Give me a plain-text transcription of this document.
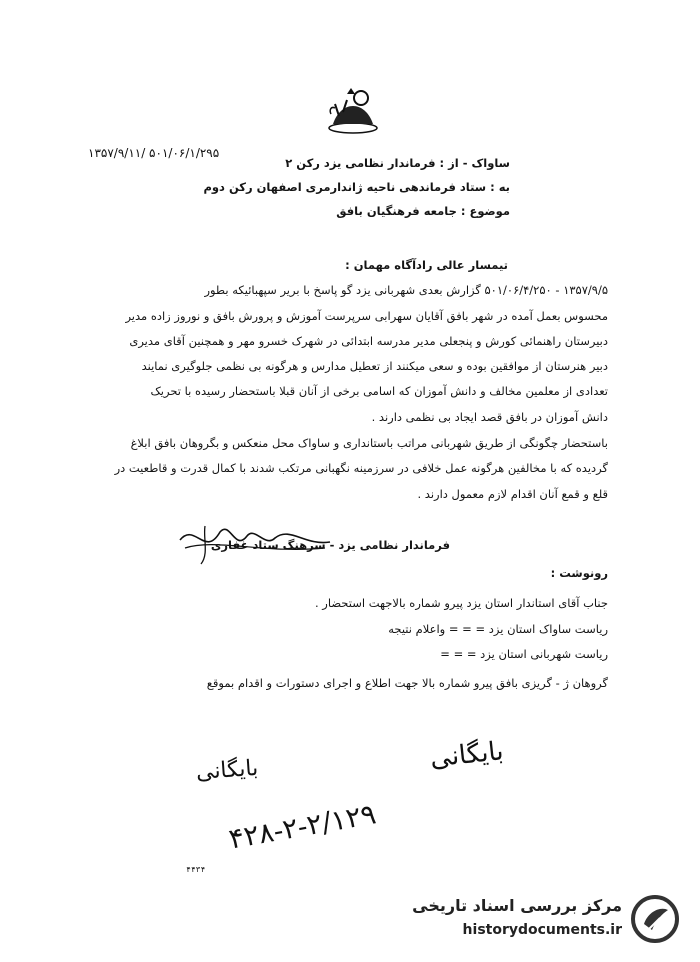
۱۳۵۷/۹/۱۱/ ۵۰۱/۰۶/۱/۲۹۵
ساواک - از : فرماندار نظامی یزد رکن ۲
به : ستاد فرماندهی ناحیه ژاندارمری اصفهان رکن دوم
موضوع : جامعه فرهنگیان بافق
تیمسار عالی رادآگاه مهمان :
۱۳۵۷/۹/۵ - ۵۰۱/۰۶/۴/۲۵۰ گزارش بعدی شهربانی یزد گو پاسخ با بریر سپهبائیکه بطور
محسوس بعمل آمده در شهر بافق آقایان سهرابی سرپرست آموزش و پرورش بافق و نوروز زاده مدیر
دبیرستان راهنمائی کورش و پنجعلی مدیر مدرسه ابتدائی در شهرک خسرو مهر و همچنین آقای مدیری
دبیر هنرستان از موافقین بوده و سعی میکنند از تعطیل مدارس و هرگونه بی نظمی جلوگیری نمایند
تعدادی از معلمین مخالف و دانش آموزان که اسامی برخی از آنان قبلا باستحضار رسیده با تحریک
دانش آموزان در بافق قصد ایجاد بی نظمی دارند .
باستحضار چگونگی از طریق شهربانی مراتب باستانداری و ساواک محل منعکس و بگروهان بافق ابلاغ
گردیده که با مخالفین هرگونه عمل خلافی در سرزمینه نگهبانی مرتکب شدند با کمال قدرت و قاطعیت در
قلع و قمع آنان اقدام لازم معمول دارند .
فرماندار نظامی یزد - سرهنگ ستاد غفاری
رونوشت :
جناب آقای استاندار استان یزد پیرو شماره بالاجهت استحضار .
ریاست ساواک استان یزد = = = واعلام نتیجه
ریاست شهربانی استان یزد = = =
گروهان ژ - گریزی بافق پیرو شماره بالا جهت اطلاع و اجرای دستورات و اقدام بموقع
بایگانی
بایگانی
۴۲۸-۲-۲/۱۲۹
۴۴۳۴
مرکز بررسی اسناد تاریخی
historydocuments.ir
